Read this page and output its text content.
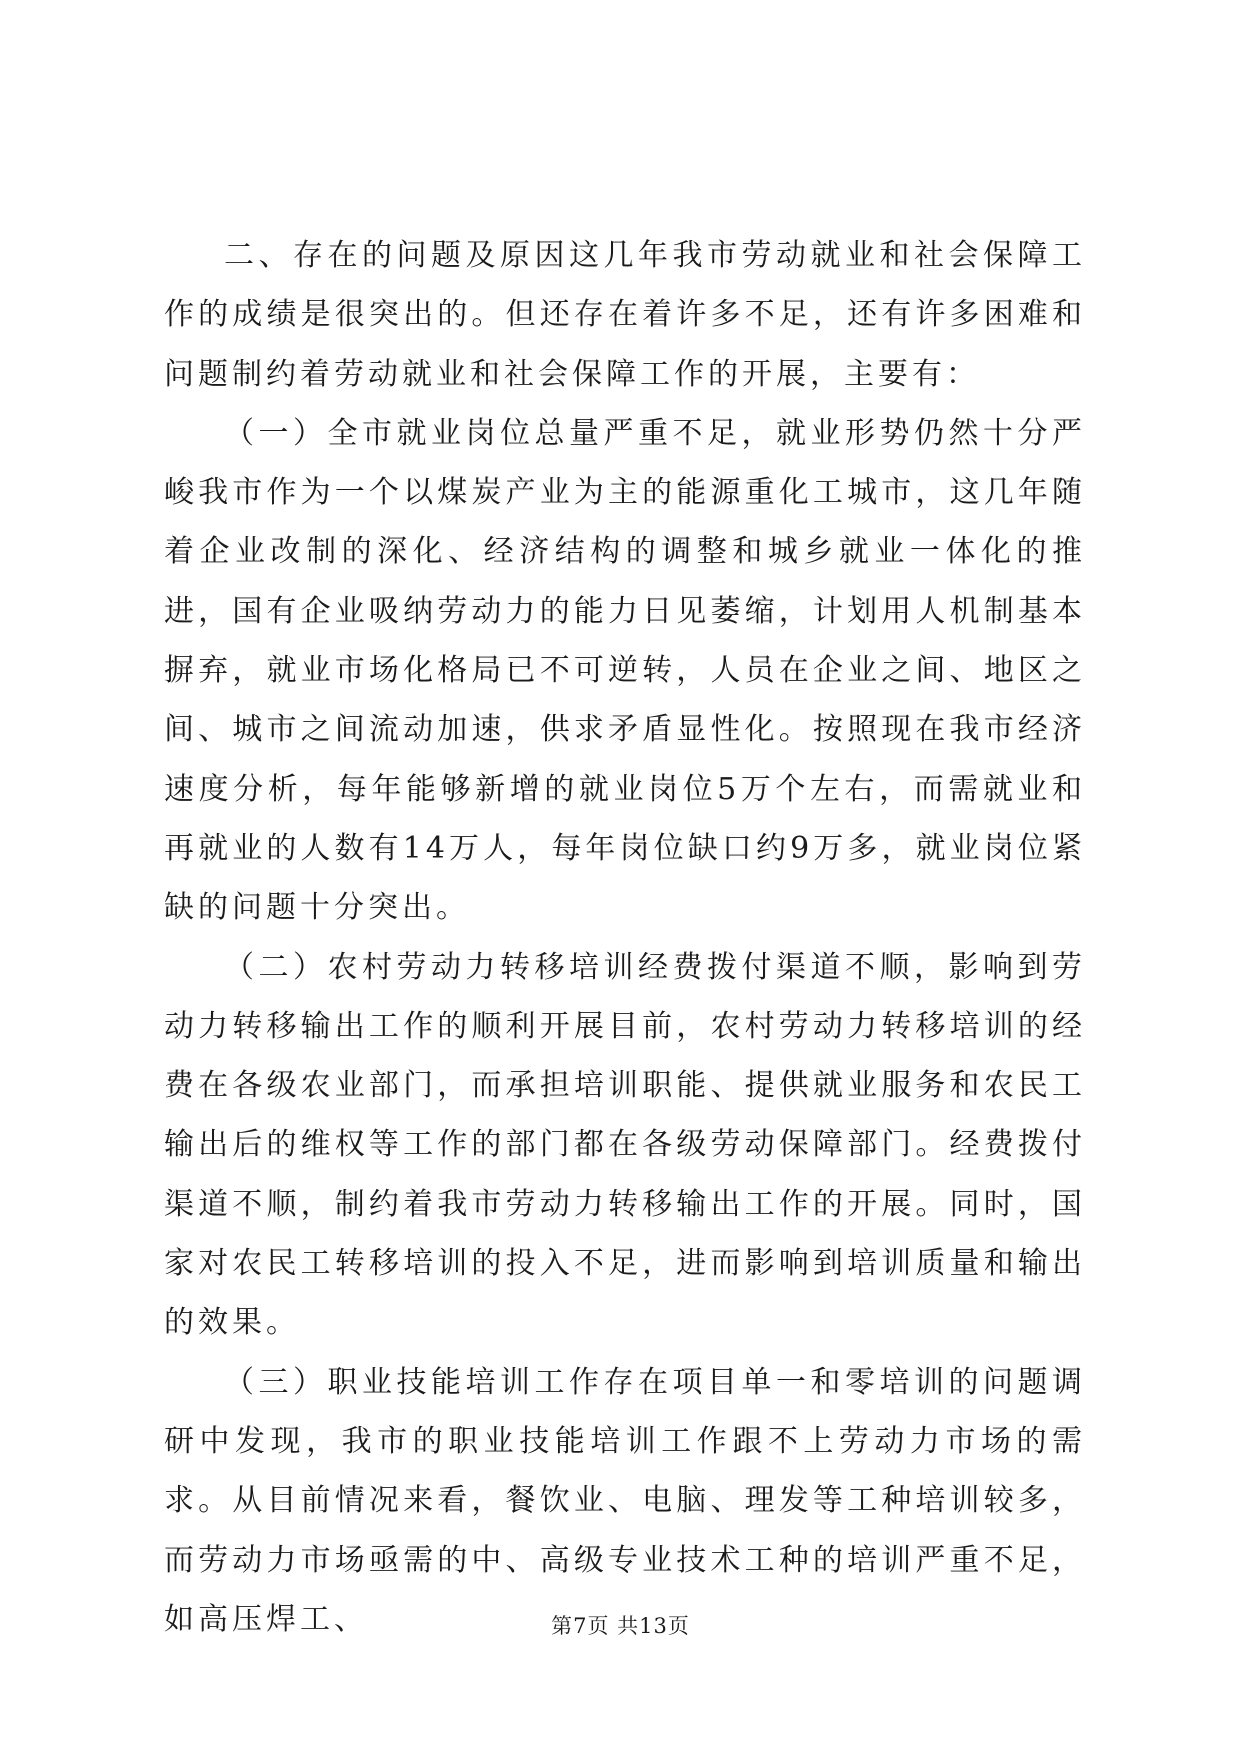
二、存在的问题及原因这几年我市劳动就业和社会保障工作的成绩是很突出的。但还存在着许多不足，还有许多困难和问题制约着劳动就业和社会保障工作的开展，主要有：

（一）全市就业岗位总量严重不足，就业形势仍然十分严峻我市作为一个以煤炭产业为主的能源重化工城市，这几年随着企业改制的深化、经济结构的调整和城乡就业一体化的推进，国有企业吸纳劳动力的能力日见萎缩，计划用人机制基本摒弃，就业市场化格局已不可逆转，人员在企业之间、地区之间、城市之间流动加速，供求矛盾显性化。按照现在我市经济速度分析，每年能够新增的就业岗位5万个左右，而需就业和再就业的人数有14万人，每年岗位缺口约9万多，就业岗位紧缺的问题十分突出。

（二）农村劳动力转移培训经费拨付渠道不顺，影响到劳动力转移输出工作的顺利开展目前，农村劳动力转移培训的经费在各级农业部门，而承担培训职能、提供就业服务和农民工输出后的维权等工作的部门都在各级劳动保障部门。经费拨付渠道不顺，制约着我市劳动力转移输出工作的开展。同时，国家对农民工转移培训的投入不足，进而影响到培训质量和输出的效果。

（三）职业技能培训工作存在项目单一和零培训的问题调研中发现，我市的职业技能培训工作跟不上劳动力市场的需求。从目前情况来看，餐饮业、电脑、理发等工种培训较多，而劳动力市场亟需的中、高级专业技术工种的培训严重不足，如高压焊工、	第7页 共13页
